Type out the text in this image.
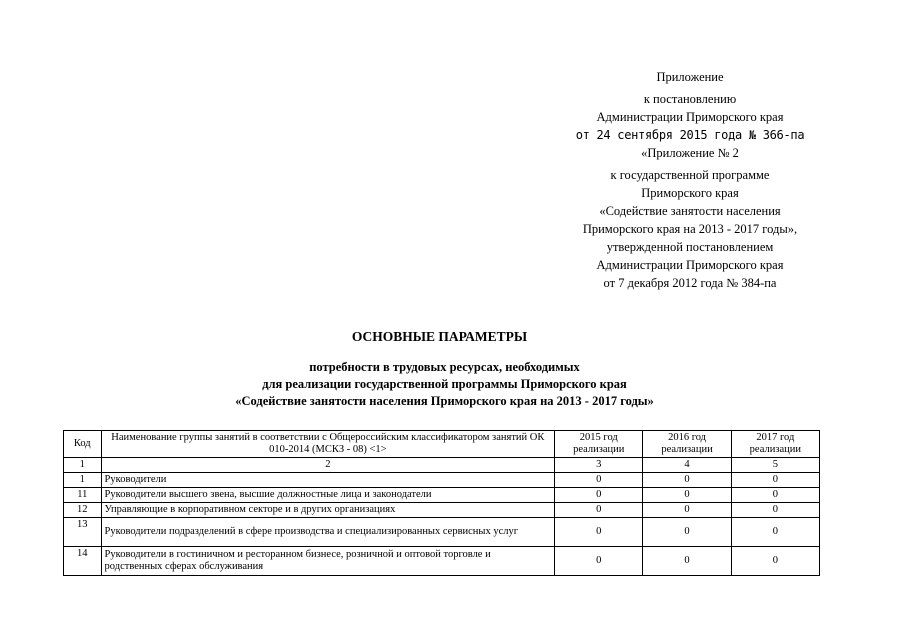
Приложение
к постановлению
Администрации Приморского края
от 24 сентября 2015 года № 366-па
«Приложение № 2
к государственной программе
Приморского края
«Содействие занятости населения
Приморского края на 2013 - 2017 годы»,
утвержденной постановлением
Администрации Приморского края
от 7 декабря 2012 года № 384-па
ОСНОВНЫЕ ПАРАМЕТРЫ
потребности в трудовых ресурсах, необходимых
для реализации государственной программы Приморского края
«Содействие занятости населения Приморского края на 2013 - 2017 годы»
Код	Наименование группы занятий в соответствии с Общероссийским классификатором занятий ОК 010-2014 (МСКЗ - 08) <1>	2015 год реализации	2016 год реализации	2017 год реализации
1	2	3	4	5
1	Руководители	0	0	0
11	Руководители высшего звена, высшие должностные лица и законодатели	0	0	0
12	Управляющие в корпоративном секторе и в других организациях	0	0	0
13	Руководители подразделений в сфере производства и специализированных сервисных услуг	0	0	0
14	Руководители в гостиничном и ресторанном бизнесе, розничной и оптовой торговле и родственных сферах обслуживания	0	0	0
